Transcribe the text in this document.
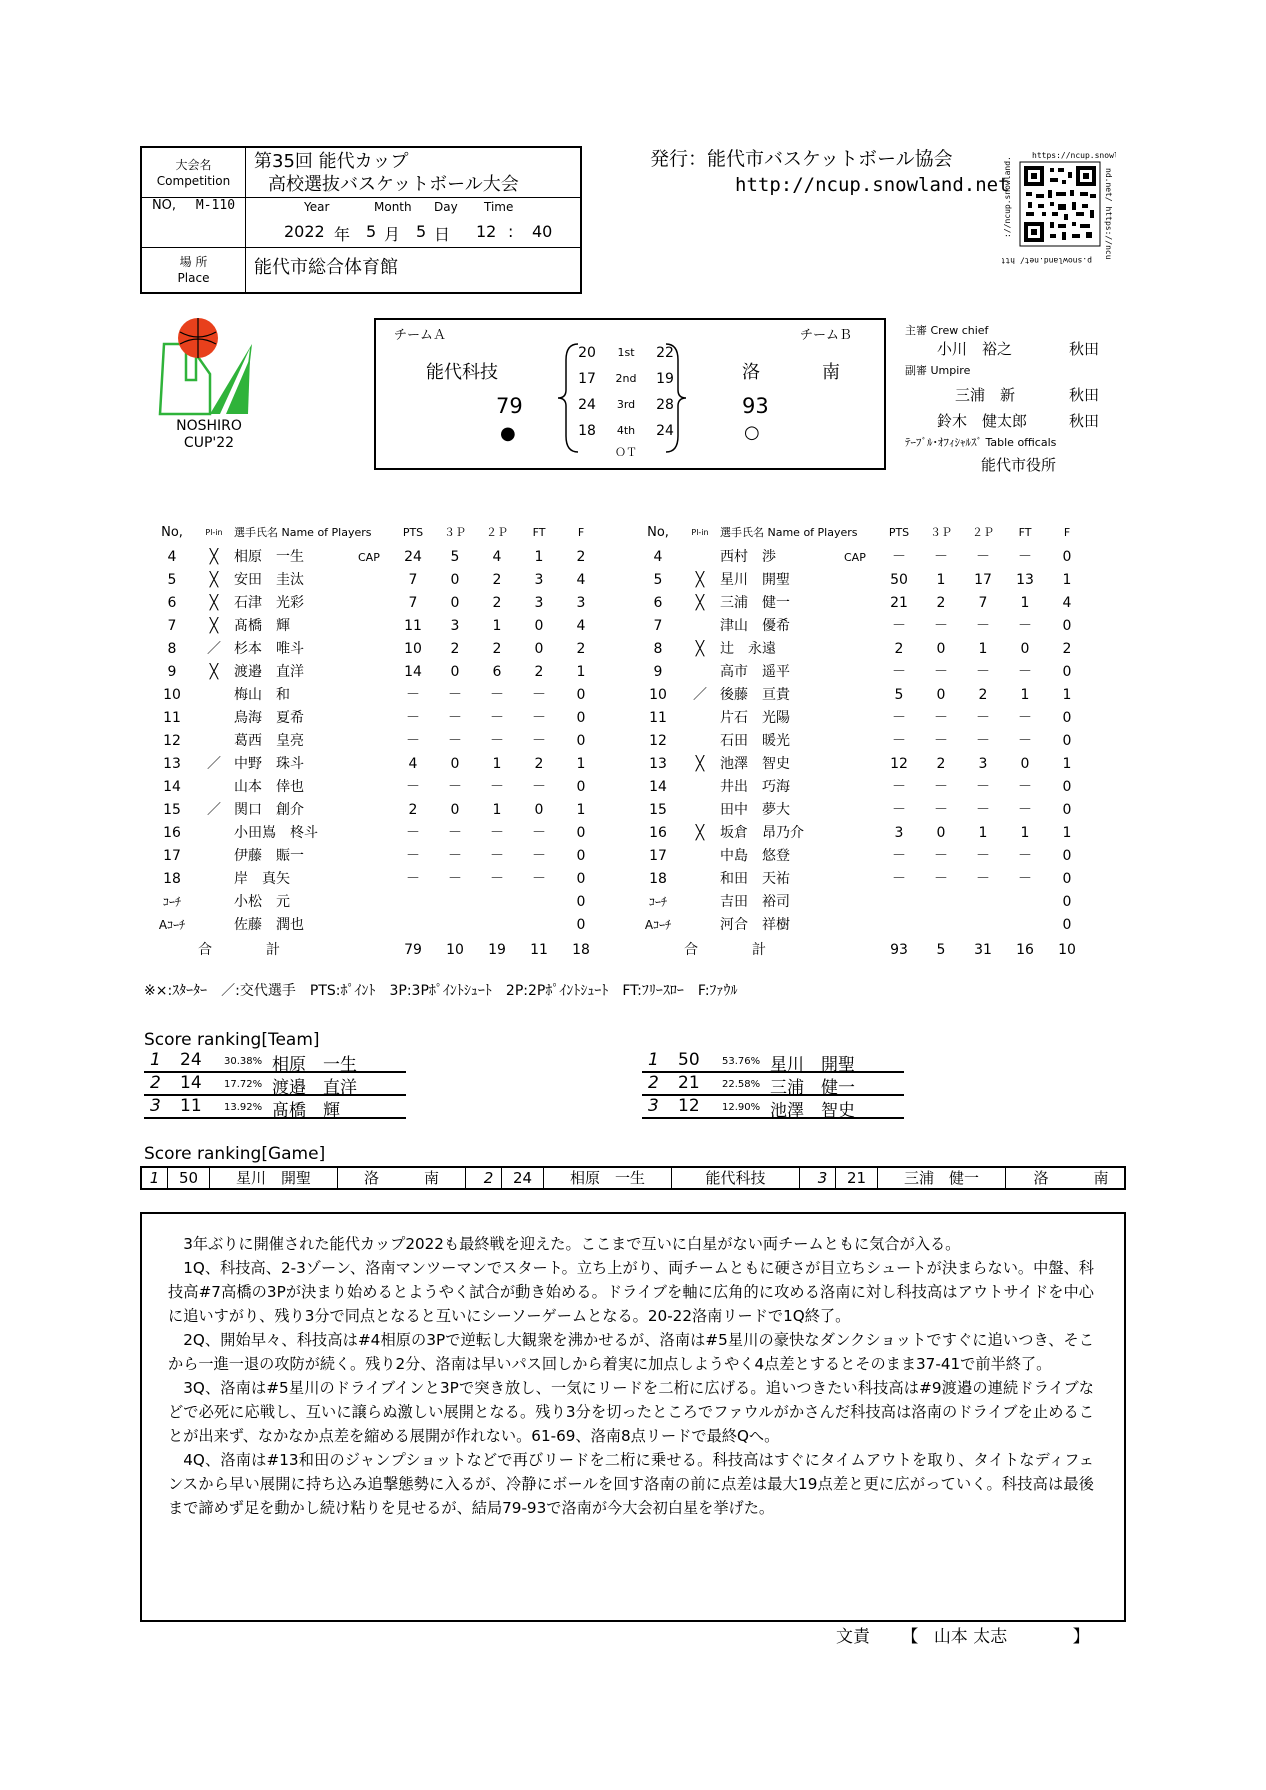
大会名
Competition
第35回 能代カップ
高校選抜バスケットボール大会
NO, M-110	Year	Month Day Time
2022 年 5 月 5 日 12 : 40
場 所
Place	能代市総合体育館
発行：能代市バスケットボール協会
http://ncup.snowland.net
https://ncup.snowla
://ncup.snowland.	nd.net/ https://ncu
p.snowland.net/ htt
NOSHIRO
CUP'22
チームＡ	チームＢ
能代科技	洛	南
79	93
●	○
20	1st	22
17	2nd	19
24	3rd	28
18	4th	24
ＯＴ
主審 Crew chief
小川　裕之	秋田
副審 Umpire
三浦　新	秋田
鈴木　健太郎	秋田
ﾃｰﾌﾞﾙ･ｵﾌｨｼｬﾙｽﾞ Table officals
能代市役所
No,	Pl-in 選手氏名 Name of Players	PTS	３Ｐ	２Ｐ	FT	F
4	╳	相原　一生	CAP	24	5	4	1	2
5	╳	安田　圭汰	7	0	2	3	4
6	╳	石津　光彩	7	0	2	3	3
7	╳	髙橋　輝	11	3	1	0	4
8	／ 杉本　唯斗	10	2	2	0	2
9	╳	渡邉　直洋	14	0	6	2	1
10	梅山　和	－	－	－	－	0
11	鳥海　夏希	－	－	－	－	0
12	葛西　皇亮	－	－	－	－	0
13	／ 中野　珠斗	4	0	1	2	1
14	山本　倖也	－	－	－	－	0
15	／ 関口　創介	2	0	1	0	1
16	小田嶌　柊斗	－	－	－	－	0
17	伊藤　賑一	－	－	－	－	0
18	岸　真矢	－	－	－	－	0
ｺｰﾁ	小松　元	0
Aｺｰﾁ	佐藤　潤也	0
合	計	79	10	19	11	18
No,	Pl-in 選手氏名 Name of Players	PTS	３Ｐ	２Ｐ	FT	F
4	西村　渉	CAP	－	－	－	－	0
5	╳	星川　開聖	50	1	17	13	1
6	╳	三浦　健一	21	2	7	1	4
7	津山　優希	－	－	－	－	0
8	╳	辻　永遠	2	0	1	0	2
9	高市　遥平	－	－	－	－	0
10	／ 後藤　亘貴	5	0	2	1	1
11	片石　光陽	－	－	－	－	0
12	石田　暖光	－	－	－	－	0
13	╳	池澤　智史	12	2	3	0	1
14	井出　巧海	－	－	－	－	0
15	田中　夢大	－	－	－	－	0
16	╳	坂倉　昂乃介	3	0	1	1	1
17	中島　悠登	－	－	－	－	0
18	和田　天祐	－	－	－	－	0
ｺｰﾁ	吉田　裕司	0
Aｺｰﾁ	河合　祥樹	0
合	計	93	5	31	16	10
※×:ｽﾀｰﾀｰ　／:交代選手　PTS:ﾎﾟｲﾝﾄ　3P:3Pﾎﾟｲﾝﾄｼｭｰﾄ　2P:2Pﾎﾟｲﾝﾄｼｭｰﾄ　FT:ﾌﾘｰｽﾛｰ　F:ﾌｧｳﾙ
Score ranking[Team]
1 24 30.38% 相原　一生
2 14 17.72% 渡邉　直洋
3 11 13.92% 髙橋　輝
1 50 53.76% 星川　開聖
2 21 22.58% 三浦　健一
3 12 12.90% 池澤　智史
Score ranking[Game]
1	50	星川　開聖	洛　　　南	2	24	相原　一生	能代科技	3	21	三浦　健一	洛　　　南

3年ぶりに開催された能代カップ2022も最終戦を迎えた。ここまで互いに白星がない両チームともに気合が入る。

1Q、科技高、2-3ゾーン、洛南マンツーマンでスタート。立ち上がり、両チームともに硬さが目立ちシュートが決まらない。中盤、科技高#7高橋の3Pが決まり始めるとようやく試合が動き始める。ドライブを軸に広角的に攻める洛南に対し科技高はアウトサイドを中心に追いすがり、残り3分で同点となると互いにシーソーゲームとなる。20-22洛南リードで1Q終了。

2Q、開始早々、科技高は#4相原の3Pで逆転し大観衆を沸かせるが、洛南は#5星川の豪快なダンクショットですぐに追いつき、そこから一進一退の攻防が続く。残り2分、洛南は早いパス回しから着実に加点しようやく4点差とするとそのまま37-41で前半終了。

3Q、洛南は#5星川のドライブインと3Pで突き放し、一気にリードを二桁に広げる。追いつきたい科技高は#9渡邉の連続ドライブなどで必死に応戦し、互いに譲らぬ激しい展開となる。残り3分を切ったところでファウルがかさんだ科技高は洛南のドライブを止めることが出来ず、なかなか点差を縮める展開が作れない。61-69、洛南8点リードで最終Qへ。

4Q、洛南は#13和田のジャンプショットなどで再びリードを二桁に乗せる。科技高はすぐにタイムアウトを取り、タイトなディフェンスから早い展開に持ち込み追撃態勢に入るが、冷静にボールを回す洛南の前に点差は最大19点差と更に広がっていく。科技高は最後まで諦めず足を動かし続け粘りを見せるが、結局79-93で洛南が今大会初白星を挙げた。

文責 【 山本 太志	】
